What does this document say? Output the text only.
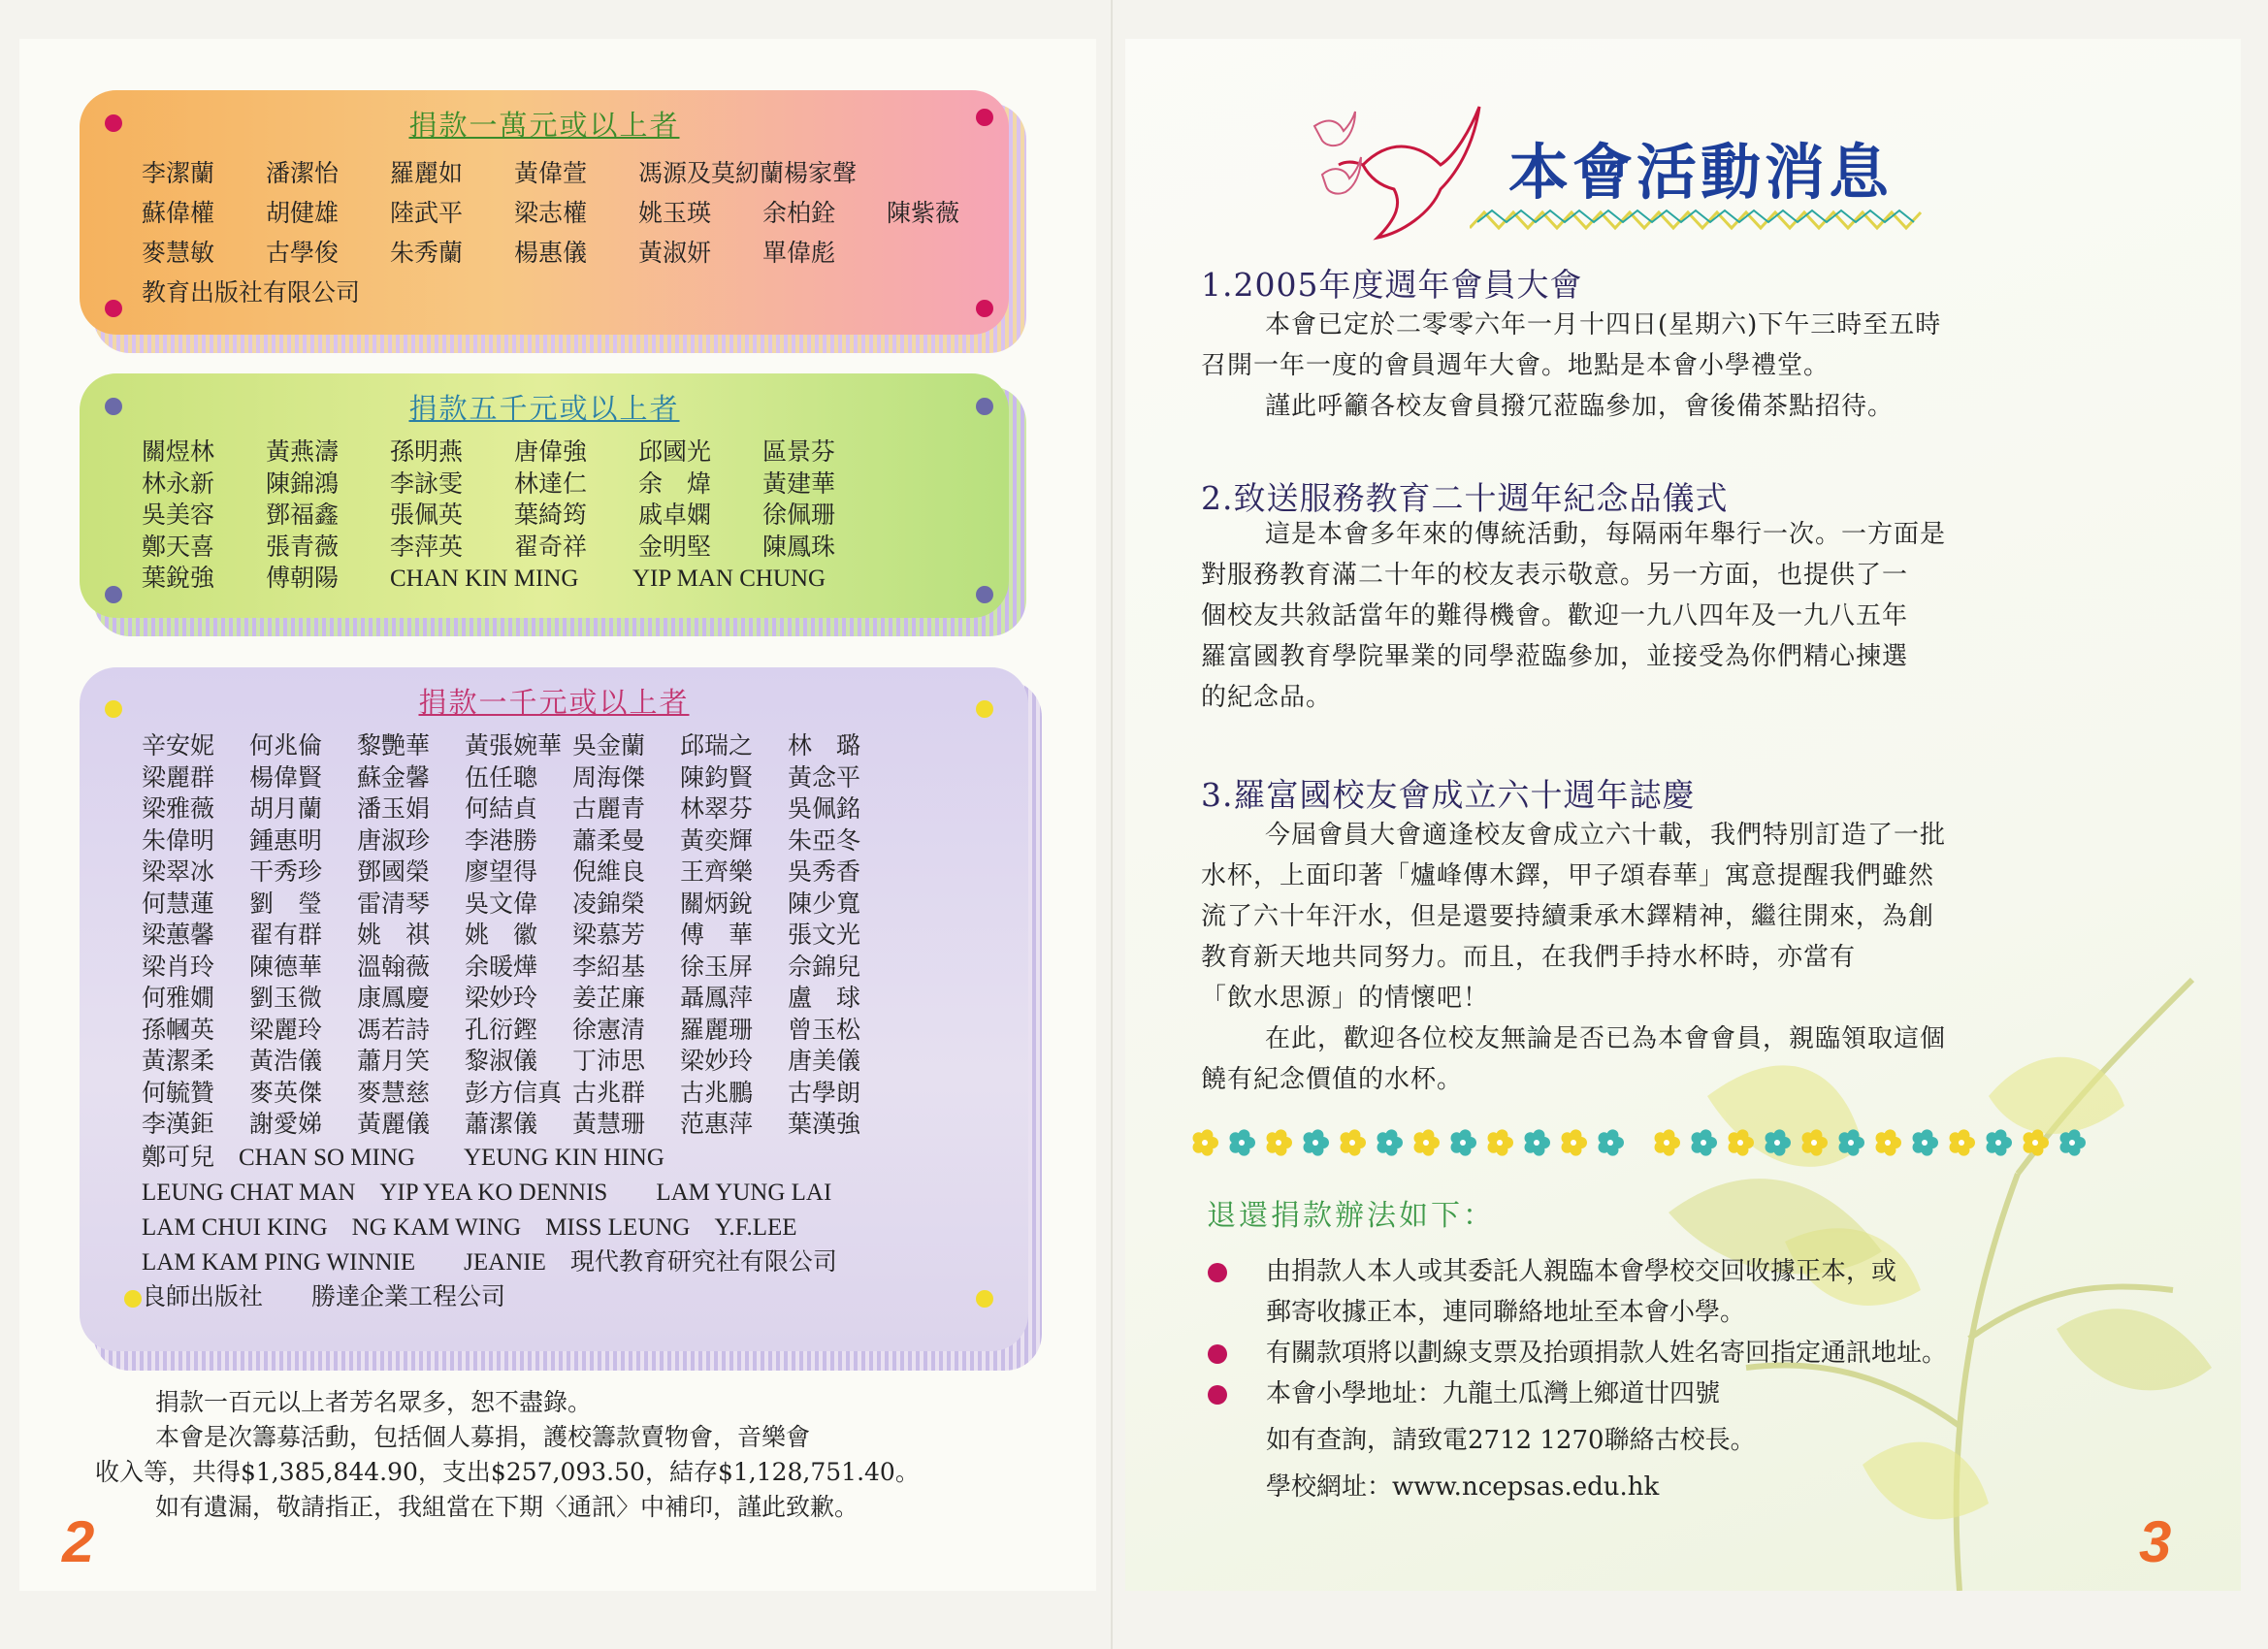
捐款一萬元或以上者
李潔蘭 潘潔怡 羅麗如 黃偉萱 馮源及莫紉蘭楊家聲
蘇偉權 胡健雄 陸武平 梁志權 姚玉瑛 余柏銓 陳紫薇
麥慧敏 古學俊 朱秀蘭 楊惠儀 黃淑妍 單偉彪
教育出版社有限公司
捐款五千元或以上者
關煜林 黃燕濤 孫明燕 唐偉強 邱國光 區景芬
林永新 陳錦鴻 李詠雯 林達仁 余　煒 黃建華
吳美容 鄧福鑫 張佩英 葉綺筠 戚卓嫻 徐佩珊
鄭天喜 張青薇 李萍英 翟奇祥 金明堅 陳鳳珠
葉銳強 傅朝陽 CHAN KIN MING YIP MAN CHUNG
捐款一千元或以上者
辛安妮 何兆倫 黎艷華 黃張婉華 吳金蘭 邱瑞之 林　璐
梁麗群 楊偉賢 蘇金馨 伍任聰 周海傑 陳鈞賢 黃念平
梁雅薇 胡月蘭 潘玉娟 何結貞 古麗青 林翠芬 吳佩銘
朱偉明 鍾惠明 唐淑珍 李港勝 蕭柔曼 黃奕輝 朱亞冬
梁翠冰 干秀珍 鄧國榮 廖望得 倪維良 王齊樂 吳秀香
何慧蓮 劉　瑩 雷清琴 吳文偉 凌錦榮 關炳銳 陳少寬
梁蕙馨 翟有群 姚　祺 姚　徽 梁慕芳 傅　華 張文光
梁肖玲 陳德華 溫翰薇 余暖燁 李紹基 徐玉屏 佘錦兒
何雅嫺 劉玉微 康鳳慶 梁妙玲 姜芷廉 聶鳳萍 盧　球
孫幗英 梁麗玲 馮若詩 孔衍鏗 徐憲清 羅麗珊 曾玉松
黃潔柔 黃浩儀 蕭月笑 黎淑儀 丁沛思 梁妙玲 唐美儀
何毓贊 麥英傑 麥慧慈 彭方信真 古兆群 古兆鵬 古學朗
李漢鉅 謝愛娣 黃麗儀 蕭潔儀 黃慧珊 范惠萍 葉漢強
鄭可兒　CHAN SO MING　　YEUNG KIN HING
LEUNG CHAT MAN　YIP YEA KO DENNIS　　LAM YUNG LAI
LAM CHUI KING　NG KAM WING　MISS LEUNG　Y.F.LEE
LAM KAM PING WINNIE　　JEANIE　現代教育研究社有限公司
良師出版社　　勝達企業工程公司

捐款一百元以上者芳名眾多，恕不盡錄。

本會是次籌募活動，包括個人募捐，護校籌款賣物會，音樂會

收入等，共得$1,385,844.90，支出$257,093.50，結存$1,128,751.40。

如有遺漏，敬請指正，我組當在下期〈通訊〉中補印，謹此致歉。

2
本會活動消息
1.2005年度週年會員大會

本會已定於二零零六年一月十四日(星期六)下午三時至五時

召開一年一度的會員週年大會。地點是本會小學禮堂。

謹此呼籲各校友會員撥冗蒞臨參加，會後備茶點招待。

2.致送服務教育二十週年紀念品儀式

這是本會多年來的傳統活動，每隔兩年舉行一次。一方面是

對服務教育滿二十年的校友表示敬意。另一方面，也提供了一

個校友共敘話當年的難得機會。歡迎一九八四年及一九八五年

羅富國教育學院畢業的同學蒞臨參加，並接受為你們精心揀選

的紀念品。

3.羅富國校友會成立六十週年誌慶

今屆會員大會適逢校友會成立六十載，我們特別訂造了一批

水杯，上面印著「爐峰傳木鐸，甲子頌春華」寓意提醒我們雖然

流了六十年汗水，但是還要持續秉承木鐸精神，繼往開來，為創

教育新天地共同努力。而且，在我們手持水杯時，亦當有

「飲水思源」的情懷吧！

在此，歡迎各位校友無論是否已為本會會員，親臨領取這個

饒有紀念價值的水杯。

退還捐款辦法如下：
由捐款人本人或其委託人親臨本會學校交回收據正本，或
郵寄收據正本，連同聯絡地址至本會小學。
有關款項將以劃線支票及抬頭捐款人姓名寄回指定通訊地址。
本會小學地址：九龍土瓜灣上鄉道廿四號
如有查詢，請致電2712 1270聯絡古校長。
學校網址：www.ncepsas.edu.hk
3
